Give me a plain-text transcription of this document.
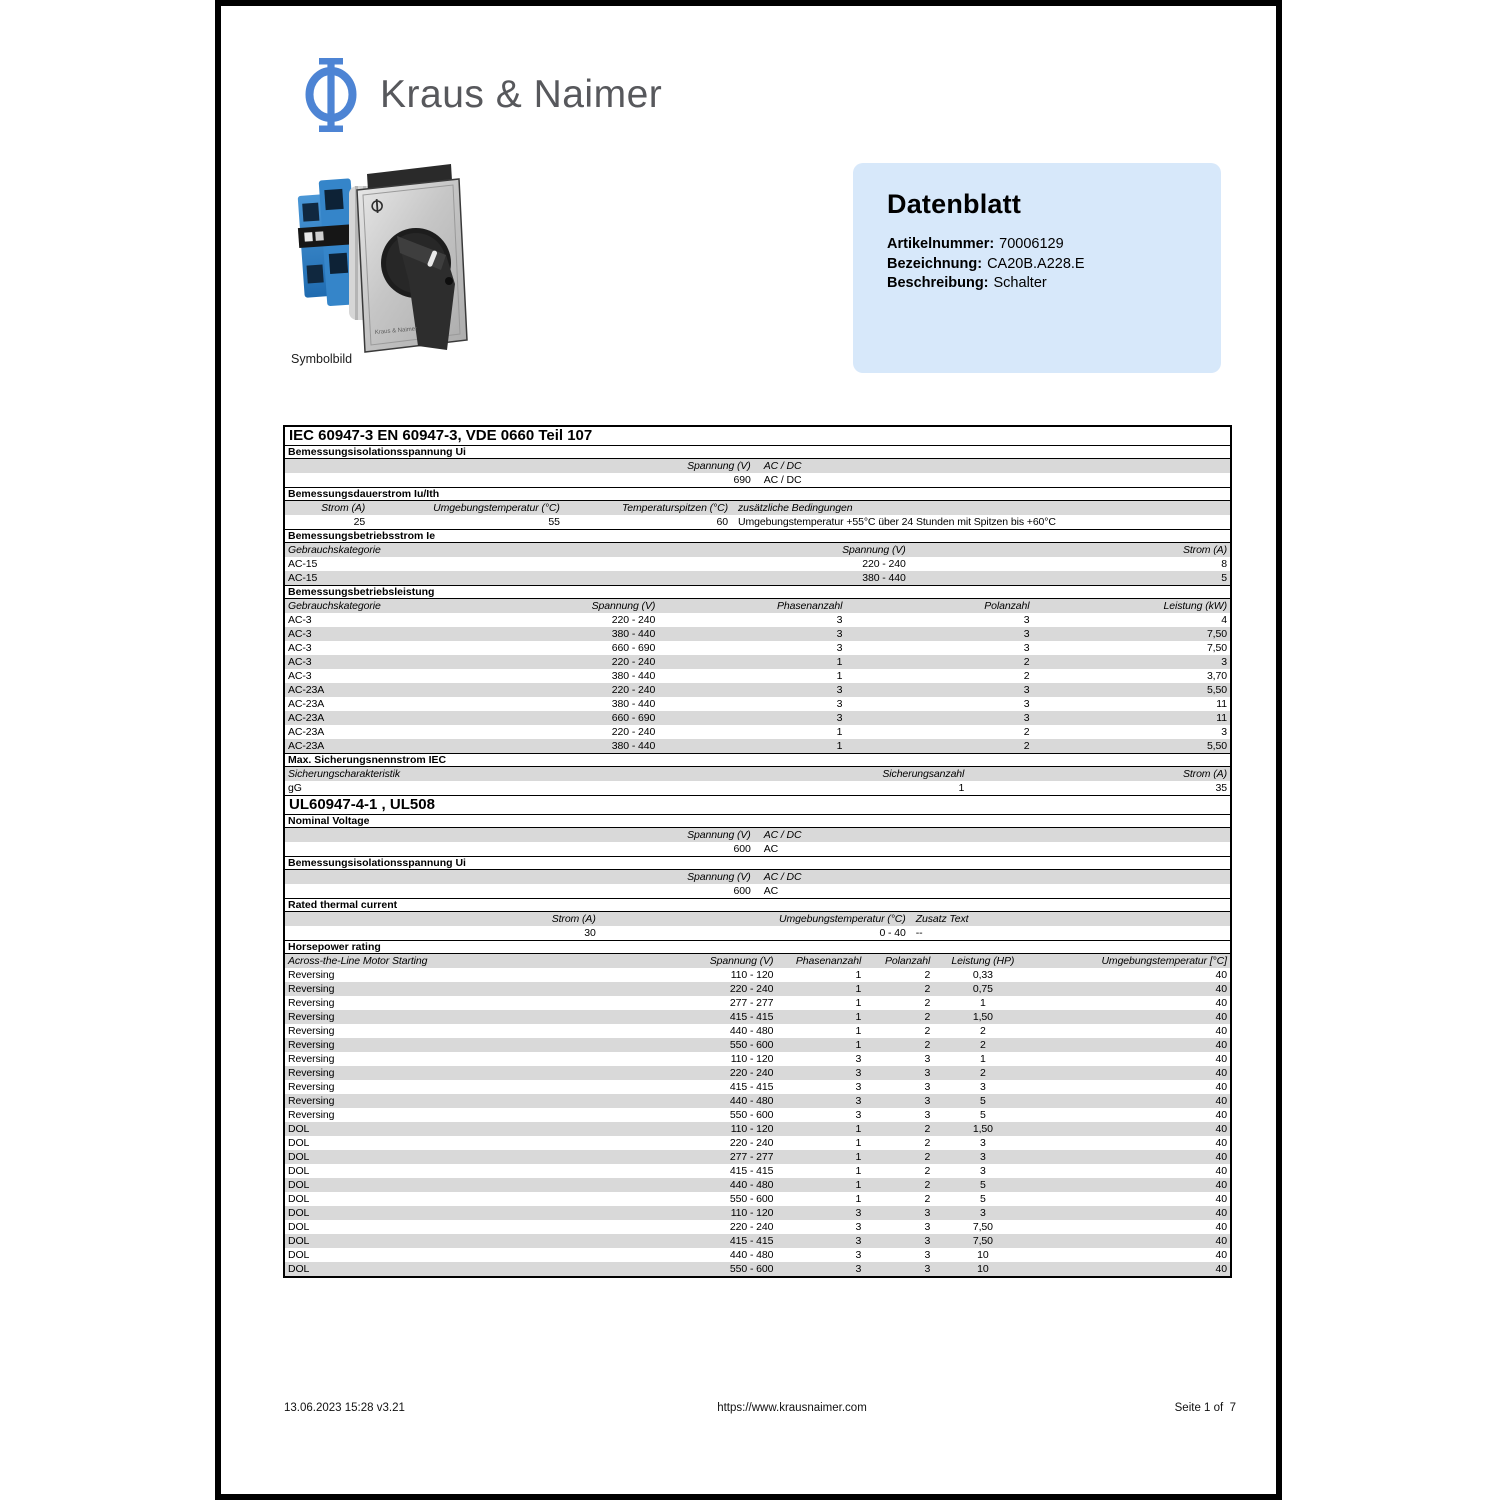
Kraus & Naimer
Kraus & Naimer
Symbolbild
Datenblatt
Artikelnummer: 70006129
Bezeichnung: CA20B.A228.E
Beschreibung: Schalter
IEC 60947-3 EN 60947-3, VDE 0660 Teil 107
Bemessungsisolationsspannung Ui
Spannung (V)	AC / DC
690	AC / DC
Bemessungsdauerstrom Iu/Ith
Strom (A)	Umgebungstemperatur (°C)	Temperaturspitzen (°C) zusätzliche Bedingungen
25	55	60 Umgebungstemperatur +55°C über 24 Stunden mit Spitzen bis +60°C
Bemessungsbetriebsstrom Ie
Gebrauchskategorie	Spannung (V)	Strom (A)
AC-15	220 - 240	8
AC-15	380 - 440	5
Bemessungsbetriebsleistung
Gebrauchskategorie	Spannung (V)	Phasenanzahl	Polanzahl	Leistung (kW)
AC-3	220 - 240	3	3	4
AC-3	380 - 440	3	3	7,50
AC-3	660 - 690	3	3	7,50
AC-3	220 - 240	1	2	3
AC-3	380 - 440	1	2	3,70
AC-23A	220 - 240	3	3	5,50
AC-23A	380 - 440	3	3	11
AC-23A	660 - 690	3	3	11
AC-23A	220 - 240	1	2	3
AC-23A	380 - 440	1	2	5,50
Max. Sicherungsnennstrom IEC
Sicherungscharakteristik	Sicherungsanzahl	Strom (A)
gG	1	35
UL60947-4-1 , UL508
Nominal Voltage
Spannung (V)	AC / DC
600	AC
Bemessungsisolationsspannung Ui
Spannung (V)	AC / DC
600	AC
Rated thermal current
Strom (A)	Umgebungstemperatur (°C) Zusatz Text
30	0 - 40 --
Horsepower rating
Across-the-Line Motor Starting	Spannung (V)	Phasenanzahl	Polanzahl	Leistung (HP)	Umgebungstemperatur [°C]
Reversing	110 - 120	1	2	0,33	40
Reversing	220 - 240	1	2	0,75	40
Reversing	277 - 277	1	2	1	40
Reversing	415 - 415	1	2	1,50	40
Reversing	440 - 480	1	2	2	40
Reversing	550 - 600	1	2	2	40
Reversing	110 - 120	3	3	1	40
Reversing	220 - 240	3	3	2	40
Reversing	415 - 415	3	3	3	40
Reversing	440 - 480	3	3	5	40
Reversing	550 - 600	3	3	5	40
DOL	110 - 120	1	2	1,50	40
DOL	220 - 240	1	2	3	40
DOL	277 - 277	1	2	3	40
DOL	415 - 415	1	2	3	40
DOL	440 - 480	1	2	5	40
DOL	550 - 600	1	2	5	40
DOL	110 - 120	3	3	3	40
DOL	220 - 240	3	3	7,50	40
DOL	415 - 415	3	3	7,50	40
DOL	440 - 480	3	3	10	40
DOL	550 - 600	3	3	10	40
13.06.2023 15:28 v3.21	https://www.krausnaimer.com	Seite 1 of  7
